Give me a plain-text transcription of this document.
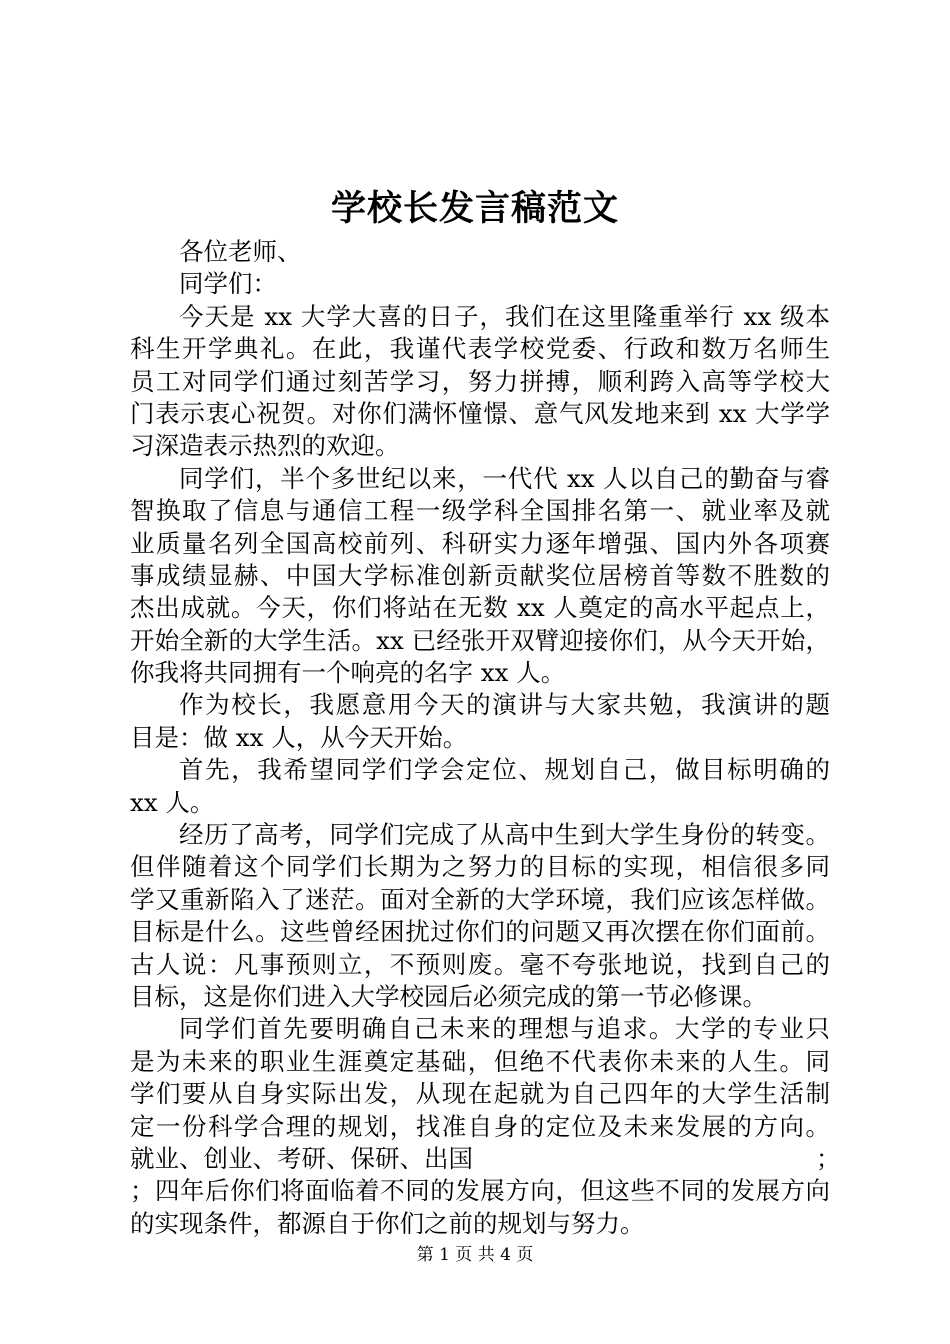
学校长发言稿范文
各位老师、
同学们：
今天是 xx 大学大喜的日子，我们在这里隆重举行 xx 级本
科生开学典礼。在此，我谨代表学校党委、行政和数万名师生
员工对同学们通过刻苦学习，努力拼搏，顺利跨入高等学校大
门表示衷心祝贺。对你们满怀憧憬、意气风发地来到 xx 大学学
习深造表示热烈的欢迎。
同学们，半个多世纪以来，一代代 xx 人以自己的勤奋与睿
智换取了信息与通信工程一级学科全国排名第一、就业率及就
业质量名列全国高校前列、科研实力逐年增强、国内外各项赛
事成绩显赫、中国大学标准创新贡献奖位居榜首等数不胜数的
杰出成就。今天，你们将站在无数 xx 人奠定的高水平起点上，
开始全新的大学生活。xx 已经张开双臂迎接你们，从今天开始，
你我将共同拥有一个响亮的名字 xx 人。
作为校长，我愿意用今天的演讲与大家共勉，我演讲的题
目是：做 xx 人，从今天开始。
首先，我希望同学们学会定位、规划自己，做目标明确的
xx 人。
经历了高考，同学们完成了从高中生到大学生身份的转变。
但伴随着这个同学们长期为之努力的目标的实现，相信很多同
学又重新陷入了迷茫。面对全新的大学环境，我们应该怎样做。
目标是什么。这些曾经困扰过你们的问题又再次摆在你们面前。
古人说：凡事预则立，不预则废。毫不夸张地说，找到自己的
目标，这是你们进入大学校园后必须完成的第一节必修课。
同学们首先要明确自己未来的理想与追求。大学的专业只
是为未来的职业生涯奠定基础，但绝不代表你未来的人生。同
学们要从自身实际出发，从现在起就为自己四年的大学生活制
定一份科学合理的规划，找准自身的定位及未来发展的方向。
就业、创业、考研、保研、出国　　　　　　　　　　　　　　；
；四年后你们将面临着不同的发展方向，但这些不同的发展方向
的实现条件，都源自于你们之前的规划与努力。
第 1 页 共 4 页
